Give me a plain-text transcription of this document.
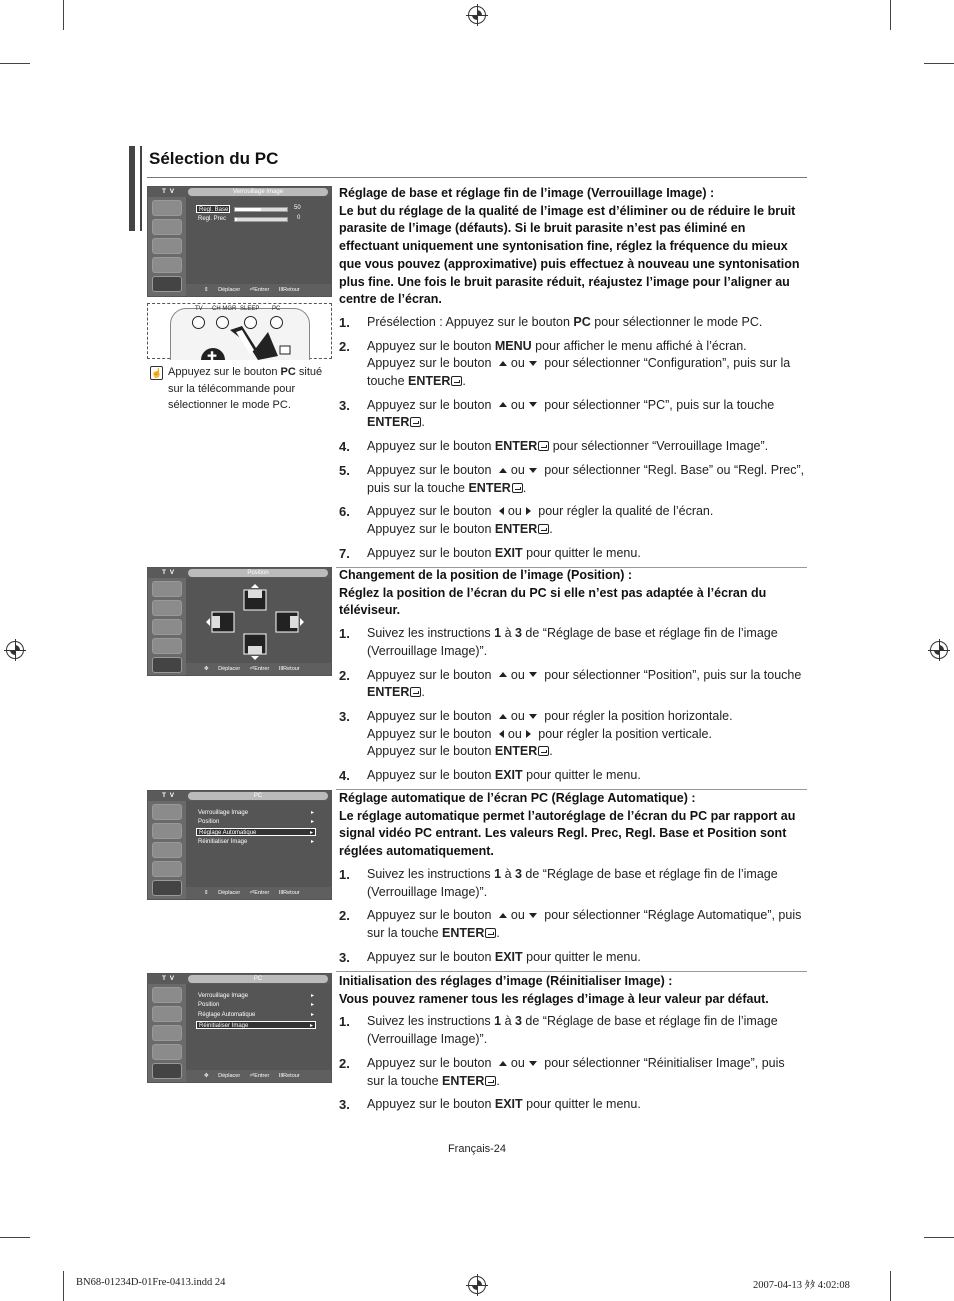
Sélection du PC
T V	Verrouillage Image
Regl. Base	50
Regl. Prec	0
⇕ Déplacer ⏎Entrer ⅠⅡRetour
TV CH MGR SLEEP PC
✚
☝ Appuyez sur le bouton PC situé sur la télécommande pour sélectionner le mode PC.
Réglage de base et réglage fin de l’image (Verrouillage Image) :
Le but du réglage de la qualité de l’image est d’éliminer ou de réduire le bruit parasite de l’image (défauts). Si le bruit parasite n’est pas éliminé en effectuant uniquement une syntonisation fine, réglez la fréquence du mieux que vous pouvez (approximative) puis effectuez à nouveau une syntonisation plus fine. Une fois le bruit parasite réduit, réajustez l’image pour l’aligner au centre de l’écran.
1. Présélection : Appuyez sur le bouton PC pour sélectionner le mode PC.
2. Appuyez sur le bouton MENU pour afficher le menu affiché à l’écran.
Appuyez sur le bouton ou pour sélectionner “Configuration”, puis sur la touche ENTER .
3. Appuyez sur le bouton ou pour sélectionner “PC”, puis sur la touche ENTER .
4. Appuyez sur le bouton ENTER pour sélectionner “Verrouillage Image”.
5. Appuyez sur le bouton ou pour sélectionner “Regl. Base” ou “Regl. Prec”, puis sur la touche ENTER .
6. Appuyez sur le bouton ou pour régler la qualité de l’écran.
Appuyez sur le bouton ENTER .
7. Appuyez sur le bouton EXIT pour quitter le menu.
T V	Position
✥ Déplacer ⏎Entrer ⅠⅡRetour
Changement de la position de l’image (Position) :
Réglez la position de l’écran du PC si elle n’est pas adaptée à l’écran du téléviseur.
1. Suivez les instructions 1 à 3 de “Réglage de base et réglage fin de l’image (Verrouillage Image)”.
2. Appuyez sur le bouton ou pour sélectionner “Position”, puis sur la touche ENTER .
3. Appuyez sur le bouton ou pour régler la position horizontale.
Appuyez sur le bouton ou pour régler la position verticale.
Appuyez sur le bouton ENTER .
4. Appuyez sur le bouton EXIT pour quitter le menu.
T V	PC
Verrouillage Image	▸
Position	▸
Réglage Automatique	▸
Réinitialiser Image	▸
⇕ Déplacer ⏎Entrer ⅠⅡRetour
Réglage automatique de l’écran PC (Réglage Automatique) :
Le réglage automatique permet l’autoréglage de l’écran du PC par rapport au signal vidéo PC entrant. Les valeurs Regl. Prec, Regl. Base et Position sont réglées automatiquement.
1. Suivez les instructions 1 à 3 de “Réglage de base et réglage fin de l’image (Verrouillage Image)”.
2. Appuyez sur le bouton ou pour sélectionner “Réglage Automatique”, puis sur la touche ENTER .
3. Appuyez sur le bouton EXIT pour quitter le menu.
T V	PC
Verrouillage Image	▸
Position	▸
Réglage Automatique	▸
Réinitialiser Image	▸
✥ Déplacer ⏎Entrer ⅠⅡRetour
Initialisation des réglages d’image (Réinitialiser Image) :
Vous pouvez ramener tous les réglages d’image à leur valeur par défaut.
1. Suivez les instructions 1 à 3 de “Réglage de base et réglage fin de l’image (Verrouillage Image)”.
2. Appuyez sur le bouton ou pour sélectionner “Réinitialiser Image”, puis sur la touche ENTER .
3. Appuyez sur le bouton EXIT pour quitter le menu.
Français-24
BN68-01234D-01Fre-0413.indd 24	2007-04-13 ﾀﾀ 4:02:08
